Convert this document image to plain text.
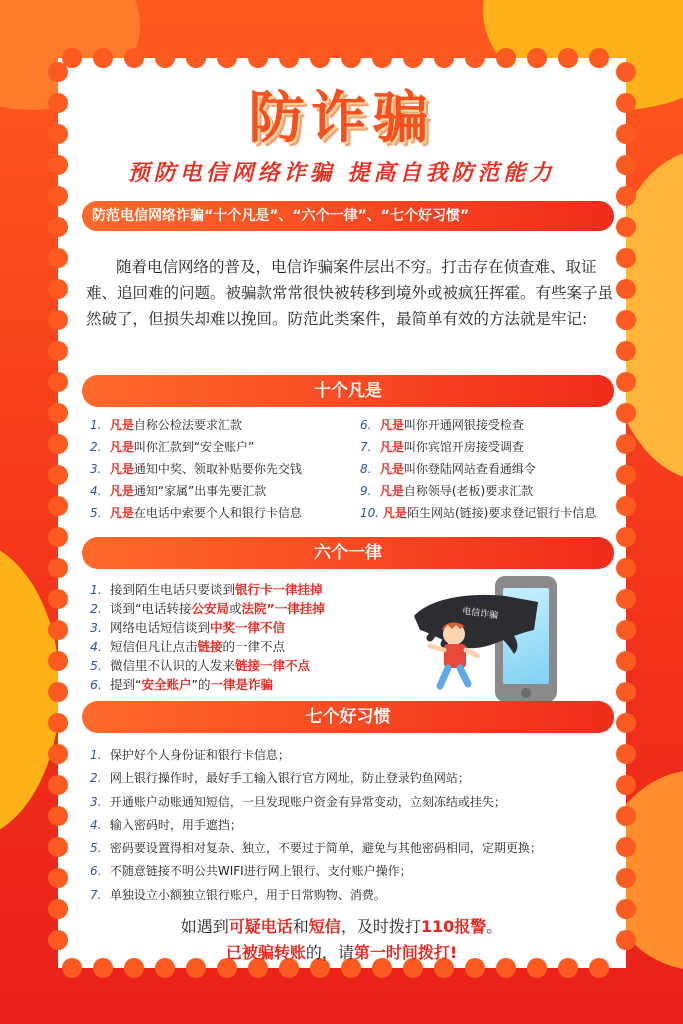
防诈骗
预防电信网络诈骗 提高自我防范能力
防范电信网络诈骗“十个凡是”、“六个一律”、“七个好习惯”
随着电信网络的普及，电信诈骗案件层出不穷。打击存在侦查难、取证难、追回难的问题。被骗款常常很快被转移到境外或被疯狂挥霍。有些案子虽然破了，但损失却难以挽回。防范此类案件，最简单有效的方法就是牢记:
十个凡是
1. 凡是自称公检法要求汇款
2. 凡是叫你汇款到“安全账户”
3. 凡是通知中奖、领取补贴要你先交钱
4. 凡是通知“家属”出事先要汇款
5. 凡是在电话中索要个人和银行卡信息
6. 凡是叫你开通网银接受检查
7. 凡是叫你宾馆开房接受调查
8. 凡是叫你登陆网站查看通缉令
9. 凡是自称领导(老板)要求汇款
10. 凡是陌生网站(链接)要求登记银行卡信息
六个一律
1. 接到陌生电话只要谈到银行卡一律挂掉
2. 谈到“电话转接公安局或法院”一律挂掉
3. 网络电话短信谈到中奖一律不信
4. 短信但凡让点击链接的一律不点
5. 微信里不认识的人发来链接一律不点
6. 提到“安全账户”的一律是诈骗
电信诈骗
七个好习惯
1. 保护好个人身份证和银行卡信息；
2. 网上银行操作时，最好手工输入银行官方网址，防止登录钓鱼网站；
3. 开通账户动账通知短信，一旦发现账户资金有异常变动，立刻冻结或挂失；
4. 输入密码时，用手遮挡；
5. 密码要设置得相对复杂、独立，不要过于简单，避免与其他密码相同，定期更换；
6. 不随意链接不明公共WIFI进行网上银行、支付账户操作；
7. 单独设立小额独立银行账户，用于日常购物、消费。
如遇到可疑电话和短信，及时拨打110报警。
已被骗转账的，请第一时间拨打!
